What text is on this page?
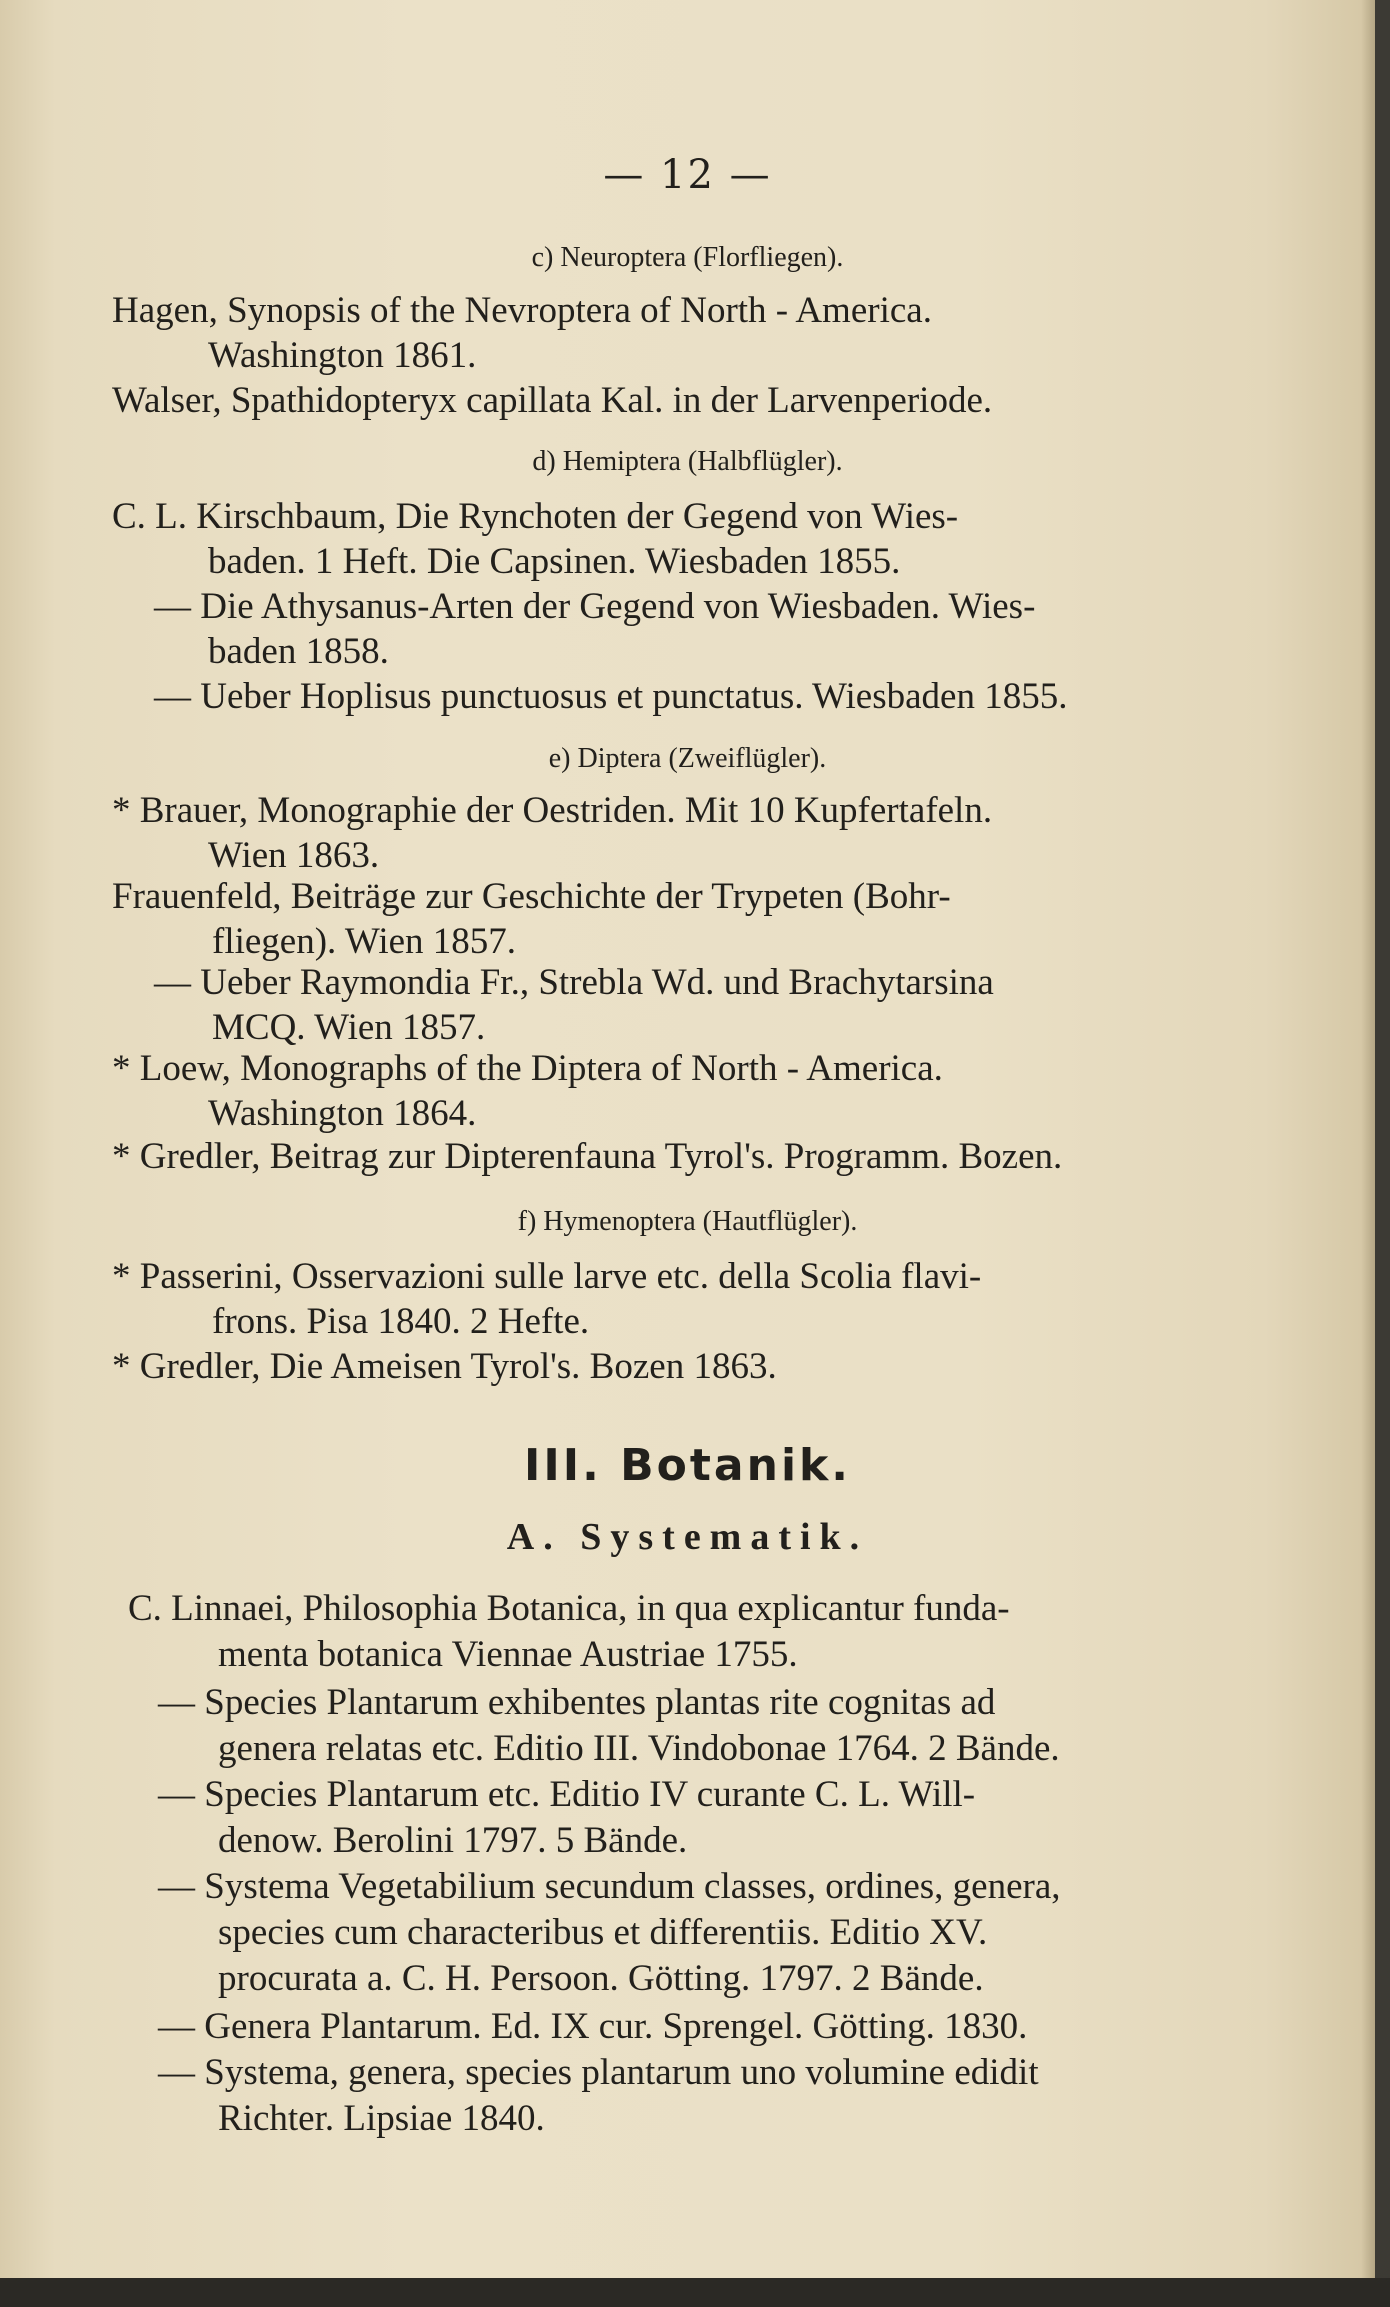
— 12 —
c) Neuroptera (Florfliegen).
Hagen, Synopsis of the Nevroptera of North - America.
Washington 1861.
Walser, Spathidopteryx capillata Kal. in der Larvenperiode.
d) Hemiptera (Halbflügler).
C. L. Kirschbaum, Die Rynchoten der Gegend von Wies-
baden. 1 Heft. Die Capsinen. Wiesbaden 1855.
— Die Athysanus-Arten der Gegend von Wiesbaden. Wies-
baden 1858.
— Ueber Hoplisus punctuosus et punctatus. Wiesbaden 1855.
e) Diptera (Zweiflügler).
* Brauer, Monographie der Oestriden. Mit 10 Kupfertafeln.
Wien 1863.
Frauenfeld, Beiträge zur Geschichte der Trypeten (Bohr-
fliegen). Wien 1857.
— Ueber Raymondia Fr., Strebla Wd. und Brachytarsina
MCQ. Wien 1857.
* Loew, Monographs of the Diptera of North - America.
Washington 1864.
* Gredler, Beitrag zur Dipterenfauna Tyrol's. Programm. Bozen.
f) Hymenoptera (Hautflügler).
* Passerini, Osservazioni sulle larve etc. della Scolia flavi-
frons. Pisa 1840. 2 Hefte.
* Gredler, Die Ameisen Tyrol's. Bozen 1863.
III. Botanik.
A. Systematik.
C. Linnaei, Philosophia Botanica, in qua explicantur funda-
menta botanica Viennae Austriae 1755.
— Species Plantarum exhibentes plantas rite cognitas ad
genera relatas etc. Editio III. Vindobonae 1764. 2 Bände.
— Species Plantarum etc. Editio IV curante C. L. Will-
denow. Berolini 1797. 5 Bände.
— Systema Vegetabilium secundum classes, ordines, genera,
species cum characteribus et differentiis. Editio XV.
procurata a. C. H. Persoon. Götting. 1797. 2 Bände.
— Genera Plantarum. Ed. IX cur. Sprengel. Götting. 1830.
— Systema, genera, species plantarum uno volumine edidit
Richter. Lipsiae 1840.
